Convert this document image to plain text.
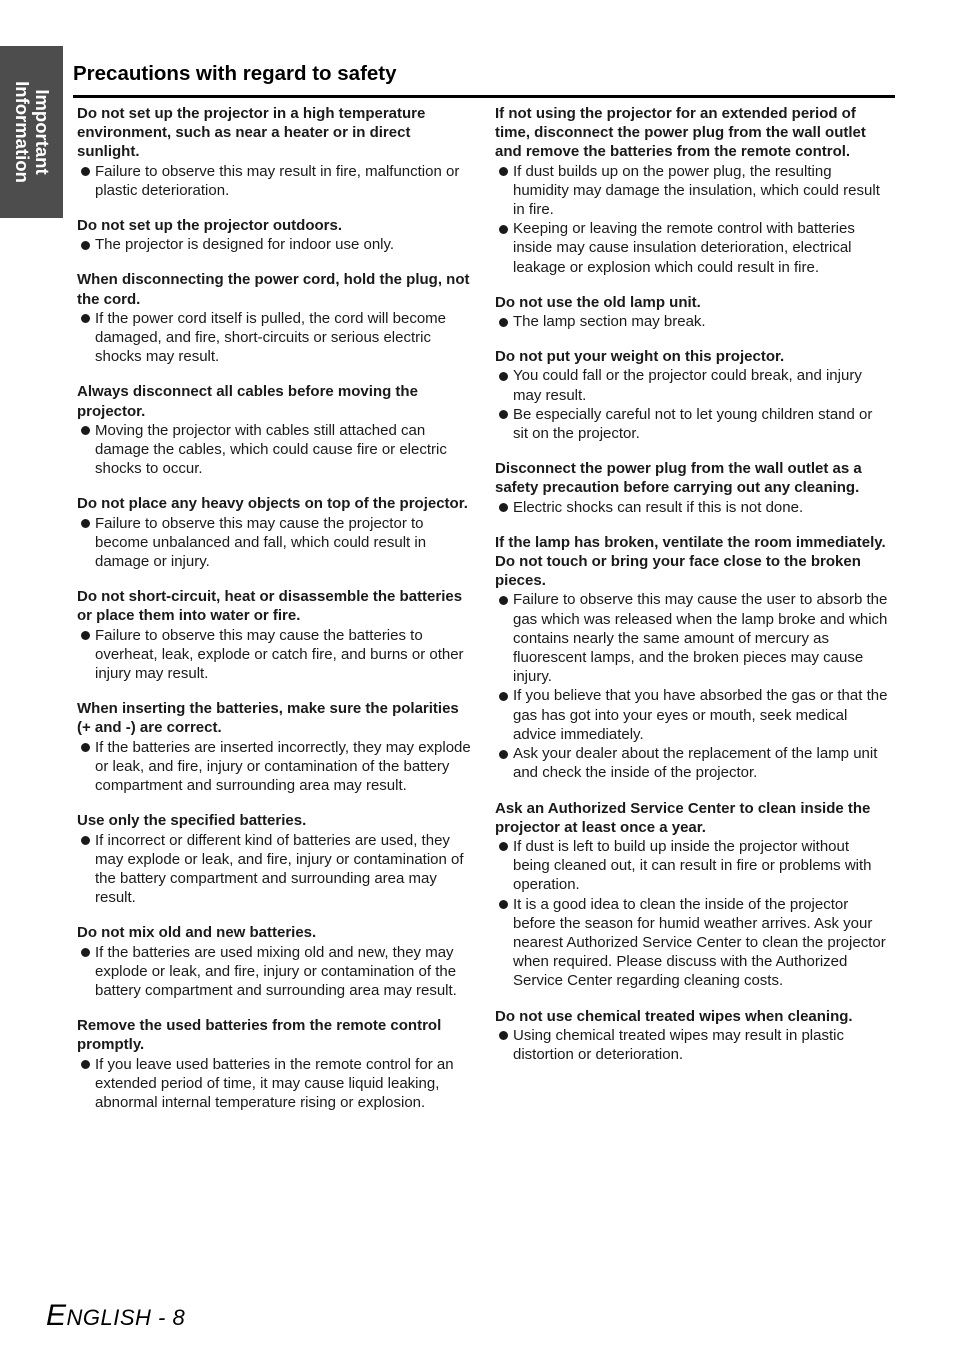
Important
Information
Precautions with regard to safety
Do not set up the projector in a high temperature environment, such as near a heater or in direct sunlight.
Failure to observe this may result in fire, malfunction or plastic deterioration.
Do not set up the projector outdoors.
The projector is designed for indoor use only.
When disconnecting the power cord, hold the plug, not the cord.
If the power cord itself is pulled, the cord will become damaged, and fire, short-circuits or serious electric shocks may result.
Always disconnect all cables before moving the projector.
Moving the projector with cables still attached can damage the cables, which could cause fire or electric shocks to occur.
Do not place any heavy objects on top of the projector.
Failure to observe this may cause the projector to become unbalanced and fall, which could result in damage or injury.
Do not short-circuit, heat or disassemble the batteries or place them into water or fire.
Failure to observe this may cause the batteries to overheat, leak, explode or catch fire, and burns or other injury may result.
When inserting the batteries, make sure the polarities (+ and -) are correct.
If the batteries are inserted incorrectly, they may explode or leak, and fire, injury or contamination of the battery compartment and surrounding area may result.
Use only the specified batteries.
If incorrect or different kind of batteries are used, they may explode or leak, and fire, injury or contamination of the battery compartment and surrounding area may result.
Do not mix old and new batteries.
If the batteries are used mixing old and new, they may explode or leak, and fire, injury or contamination of the battery compartment and surrounding area may result.
Remove the used batteries from the remote control promptly.
If you leave used batteries in the remote control for an extended period of time, it may cause liquid leaking, abnormal internal temperature rising or explosion.
If not using the projector for an extended period of time, disconnect the power plug from the wall outlet and remove the batteries from the remote control.
If dust builds up on the power plug, the resulting humidity may damage the insulation, which could result in fire.
Keeping or leaving the remote control with batteries inside may cause insulation deterioration, electrical leakage or explosion which could result in fire.
Do not use the old lamp unit.
The lamp section may break.
Do not put your weight on this projector.
You could fall or the projector could break, and injury may result.
Be especially careful not to let young children stand or sit on the projector.
Disconnect the power plug from the wall outlet as a safety precaution before carrying out any cleaning.
Electric shocks can result if this is not done.
If the lamp has broken, ventilate the room immediately. Do not touch or bring your face close to the broken pieces.
Failure to observe this may cause the user to absorb the gas which was released when the lamp broke and which contains nearly the same amount of mercury as fluorescent lamps, and the broken pieces may cause injury.
If you believe that you have absorbed the gas or that the gas has got into your eyes or mouth, seek medical advice immediately.
Ask your dealer about the replacement of the lamp unit and check the inside of the projector.
Ask an Authorized Service Center to clean inside the projector at least once a year.
If dust is left to build up inside the projector without being cleaned out, it can result in fire or problems with operation.
It is a good idea to clean the inside of the projector before the season for humid weather arrives. Ask your nearest Authorized Service Center to clean the projector when required. Please discuss with the Authorized Service Center regarding cleaning costs.
Do not use chemical treated wipes when cleaning.
Using chemical treated wipes may result in plastic distortion or deterioration.
ENGLISH - 8
